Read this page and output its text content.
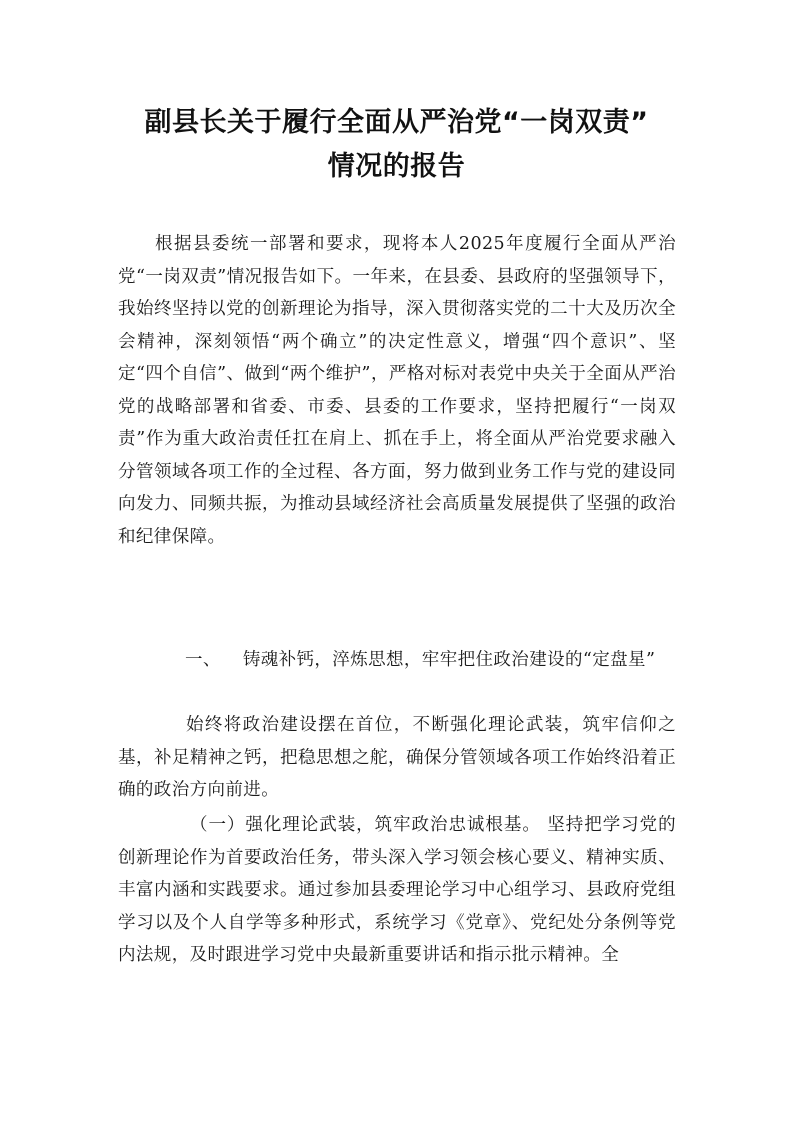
副县长关于履行全面从严治党“一岗双责”
情况的报告
根据县委统一部署和要求，现将本人2025年度履行全面从严治党“一岗双责”情况报告如下。一年来，在县委、县政府的坚强领导下，我始终坚持以党的创新理论为指导，深入贯彻落实党的二十大及历次全会精神，深刻领悟“两个确立”的决定性意义，增强“四个意识”、坚定“四个自信”、做到“两个维护”，严格对标对表党中央关于全面从严治党的战略部署和省委、市委、县委的工作要求，坚持把履行“一岗双责”作为重大政治责任扛在肩上、抓在手上，将全面从严治党要求融入分管领域各项工作的全过程、各方面，努力做到业务工作与党的建设同向发力、同频共振，为推动县域经济社会高质量发展提供了坚强的政治和纪律保障。
一、 铸魂补钙，淬炼思想，牢牢把住政治建设的“定盘星”
始终将政治建设摆在首位，不断强化理论武装，筑牢信仰之基，补足精神之钙，把稳思想之舵，确保分管领域各项工作始终沿着正确的政治方向前进。
（一）强化理论武装，筑牢政治忠诚根基。 坚持把学习党的创新理论作为首要政治任务，带头深入学习领会核心要义、精神实质、丰富内涵和实践要求。通过参加县委理论学习中心组学习、县政府党组学习以及个人自学等多种形式，系统学习《党章》、党纪处分条例等党内法规，及时跟进学习党中央最新重要讲话和指示批示精神。全
